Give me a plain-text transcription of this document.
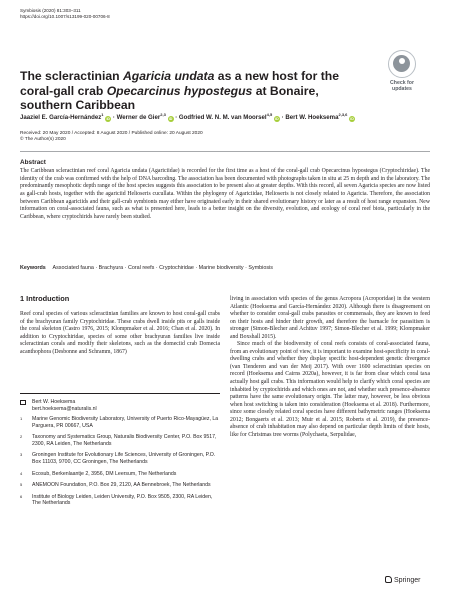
Symbiosis (2020) 81:303–311
https://doi.org/10.1007/s13199-020-00706-8
Check for
updates
The scleractinian Agaricia undata as a new host for the coral-gall crab Opecarcinus hypostegus at Bonaire, southern Caribbean
Jaaziel E. García-Hernández$^1$ iD · Werner de Gier$^{2,3}$ iD · Godfried W. N. M. van Moorsel$^{4,5}$ iD · Bert W. Hoeksema$^{2,3,6}$ iD
Received: 20 May 2020 / Accepted: 8 August 2020 / Published online: 20 August 2020
© The Author(s) 2020
Abstract
The Caribbean scleractinian reef coral Agaricia undata (Agariciidae) is recorded for the first time as a host of the coral-gall crab Opecarcinus hypostegus (Cryptochiridae). The identity of the crab was confirmed with the help of DNA barcoding. The association has been documented with photographs taken in situ at 25 m depth and in the laboratory. The predominantly mesophotic depth range of the host species suggests this association to be present also at greater depths. With this record, all seven Agaricia species are now listed as gall-crab hosts, together with the agariciid Helioseris cucullata. Within the phylogeny of Agariciidae, Helioseris is not closely related to Agaricia. Therefore, the association between Caribbean agariciids and their gall-crab symbionts may either have originated early in their shared evolutionary history or later as a result of host range expansion. New information on coral-associated fauna, such as what is presented here, leads to a better insight on the diversity, evolution, and ecology of coral reef biota, particularly in the Caribbean, where cryptochirids have rarely been studied.
Keywords Associated fauna · Brachyura · Coral reefs · Cryptochiridae · Marine biodiversity · Symbiosis
1 Introduction

Reef coral species of various scleractinian families are known to host coral-gall crabs of the brachyuran family Cryptochiridae. These crabs dwell inside pits or galls inside the coral skeleton (Castro 1976, 2015; Klompmaker et al. 2016; Chan et al. 2020). In addition to Cryptochiridae, species of some other brachyuran families live inside scleractinian corals and modify their skeletons, such as the domeciid crab Domecia acanthophora (Desbonne and Schramm, 1867)

Bert W. Hoeksema
bert.hoeksema@naturalis.nl
1 Marine Genomic Biodiversity Laboratory, University of Puerto Rico-Mayagüez, La Parguera, PR 00667, USA
2 Taxonomy and Systematics Group, Naturalis Biodiversity Center, P.O. Box 9517, 2300, RA Leiden, The Netherlands
3 Groningen Institute for Evolutionary Life Sciences, University of Groningen, P.O. Box 11103, 9700, CC Groningen, The Netherlands
4 Ecosub, Berkenlaantje 2, 3956, DM Leersum, The Netherlands
5 ANEMOON Foundation, P.O. Box 29, 2120, AA Bennebroek, The Netherlands
6 Institute of Biology Leiden, Leiden University, P.O. Box 9505, 2300, RA Leiden, The Netherlands

living in association with species of the genus Acropora (Acroporidae) in the western Atlantic (Hoeksema and García-Hernández 2020). Although there is disagreement on whether to consider coral-gall crabs parasites or commensals, they are known to feed on their hosts and hinder their growth, and therefore the barnacle for parasitism is stronger (Simon-Blecher and Achituv 1997; Simon-Blecher et al. 1999; Klompmaker and Boxshall 2015).

Since much of the biodiversity of coral reefs consists of coral-associated fauna, from an evolutionary point of view, it is important to examine host-specificity in coral-dwelling crabs and whether they display specific host-dependent genetic divergence (van Tienderen and van der Meij 2017). With over 1600 scleractinian species on record (Hoeksema and Cairns 2020a), however, it is far from clear which coral taxa actually host gall crabs. This information would help to clarify which coral species are inhabited by cryptochirids and which ones are not, and whether such presence-absence patterns have the same evolutionary origin. The latter may, however, be less obvious when host switching is taken into consideration (Hoeksema et al. 2018). Furthermore, since some closely related coral species have different bathymetric ranges (Hoeksema 2012; Bongaerts et al. 2013; Muir et al. 2015; Roberts et al. 2019), the presence-absence of crab inhabitation may also depend on particular depth limits of their hosts, like for Christmas tree worms (Polychaeta, Serpulidae,

Springer
